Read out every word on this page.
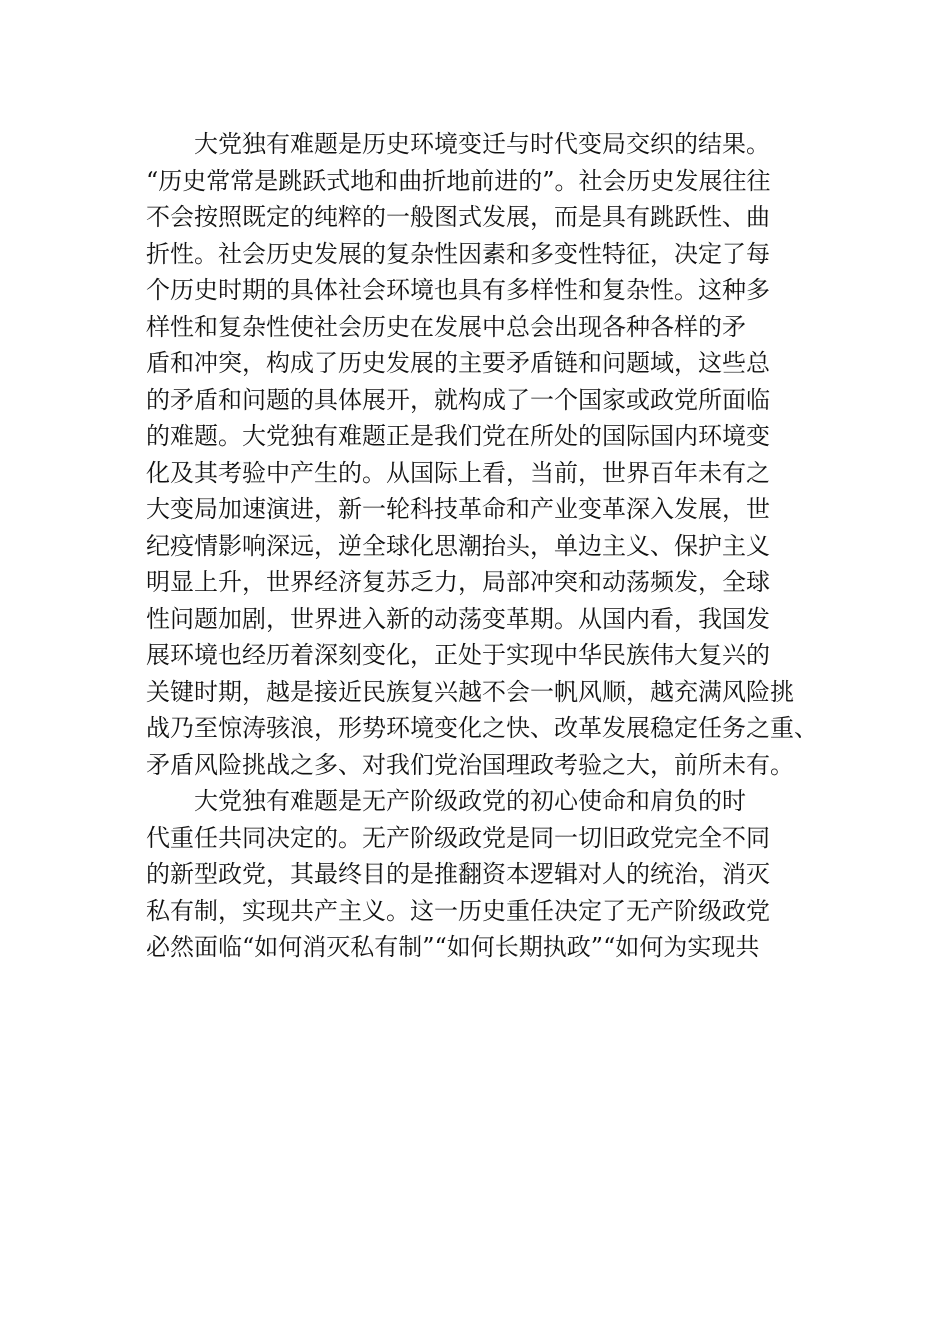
大党独有难题是历史环境变迁与时代变局交织的结果。
“历史常常是跳跃式地和曲折地前进的”。社会历史发展往往
不会按照既定的纯粹的一般图式发展，而是具有跳跃性、曲
折性。社会历史发展的复杂性因素和多变性特征，决定了每
个历史时期的具体社会环境也具有多样性和复杂性。这种多
样性和复杂性使社会历史在发展中总会出现各种各样的矛
盾和冲突，构成了历史发展的主要矛盾链和问题域，这些总
的矛盾和问题的具体展开，就构成了一个国家或政党所面临
的难题。大党独有难题正是我们党在所处的国际国内环境变
化及其考验中产生的。从国际上看，当前，世界百年未有之
大变局加速演进，新一轮科技革命和产业变革深入发展，世
纪疫情影响深远，逆全球化思潮抬头，单边主义、保护主义
明显上升，世界经济复苏乏力，局部冲突和动荡频发，全球
性问题加剧，世界进入新的动荡变革期。从国内看，我国发
展环境也经历着深刻变化，正处于实现中华民族伟大复兴的
关键时期，越是接近民族复兴越不会一帆风顺，越充满风险挑
战乃至惊涛骇浪，形势环境变化之快、改革发展稳定任务之重、
矛盾风险挑战之多、对我们党治国理政考验之大，前所未有。
大党独有难题是无产阶级政党的初心使命和肩负的时
代重任共同决定的。无产阶级政党是同一切旧政党完全不同
的新型政党，其最终目的是推翻资本逻辑对人的统治，消灭
私有制，实现共产主义。这一历史重任决定了无产阶级政党
必然面临“如何消灭私有制”“如何长期执政”“如何为实现共
